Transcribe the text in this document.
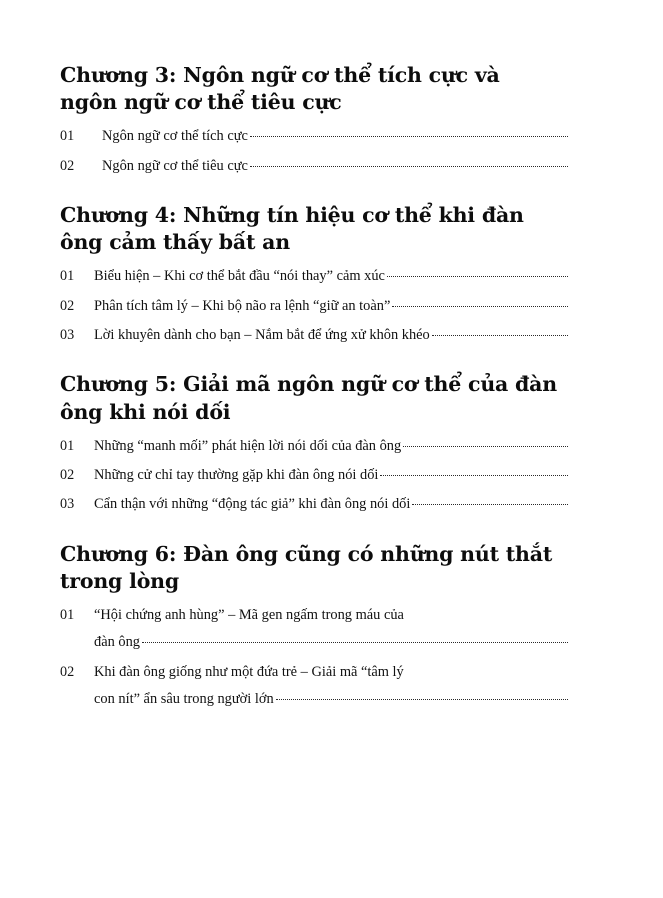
Chương 3: Ngôn ngữ cơ thể tích cực và ngôn ngữ cơ thể tiêu cực
01	Ngôn ngữ cơ thể tích cực
02	Ngôn ngữ cơ thể tiêu cực
Chương 4: Những tín hiệu cơ thể khi đàn ông cảm thấy bất an
01	Biểu hiện – Khi cơ thể bắt đầu “nói thay” cảm xúc
02	Phân tích tâm lý – Khi bộ não ra lệnh “giữ an toàn”
03	Lời khuyên dành cho bạn – Nắm bắt để ứng xử khôn khéo
Chương 5: Giải mã ngôn ngữ cơ thể của đàn ông khi nói dối
01	Những “manh mối” phát hiện lời nói dối của đàn ông
02	Những cử chỉ tay thường gặp khi đàn ông nói dối
03	Cẩn thận với những “động tác giả” khi đàn ông nói dối
Chương 6: Đàn ông cũng có những nút thắt trong lòng
01	“Hội chứng anh hùng” – Mã gen ngấm trong máu của
đàn ông
02	Khi đàn ông giống như một đứa trẻ – Giải mã “tâm lý
con nít” ẩn sâu trong người lớn
